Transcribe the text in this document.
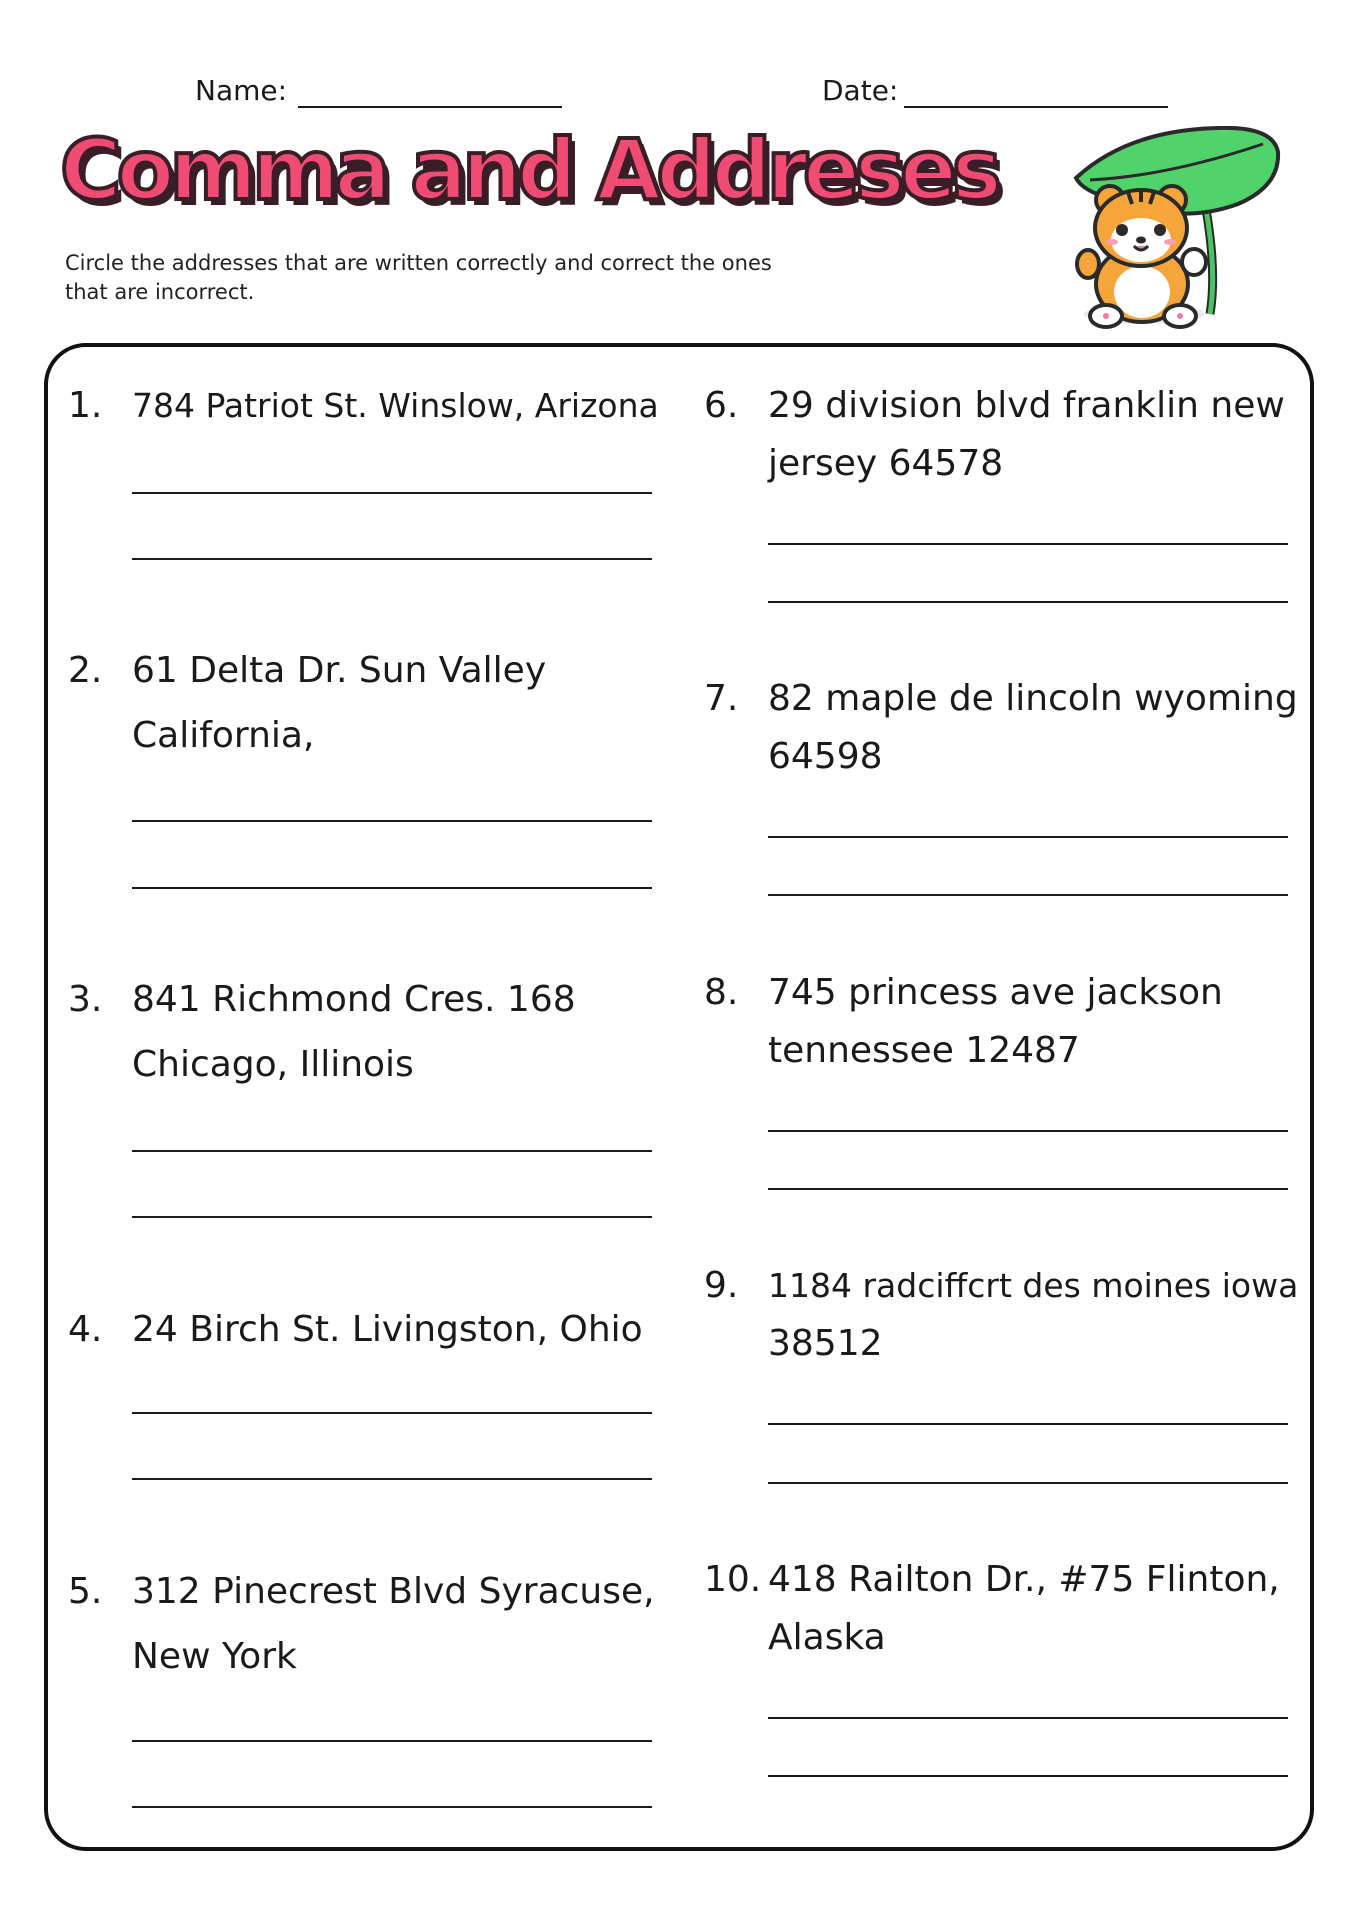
Name:	Date:
Comma and Addreses
Circle the addresses that are written correctly and correct the ones that are incorrect.
1. 784 Patriot St. Winslow, Arizona
2. 61 Delta Dr. Sun Valley
California,
3. 841 Richmond Cres. 168
Chicago, Illinois
4. 24 Birch St. Livingston, Ohio
5. 312 Pinecrest Blvd Syracuse,
New York
6. 29 division blvd franklin new
jersey 64578
7. 82 maple de lincoln wyoming
64598
8. 745 princess ave jackson
tennessee 12487
9. 1184 radciffcrt des moines iowa
38512
10. 418 Railton Dr., #75 Flinton,
Alaska
